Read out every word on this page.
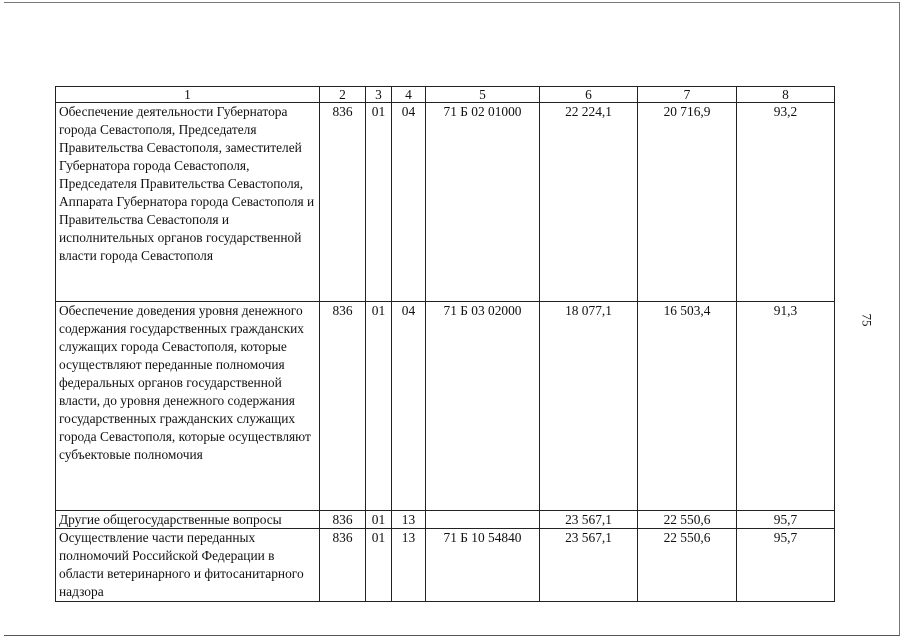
75
1	2	3	4	5	6	7	8
Обеспечение деятельности Губернатора города Севастополя, Председателя Правительства Севастополя, заместителей Губернатора города Севастополя, Председателя Правительства Севастополя, Аппарата Губернатора города Севастополя и Правительства Севастополя и исполнительных органов государственной власти города Севастополя	836	01	04	71 Б 02 01000	22 224,1	20 716,9	93,2
Обеспечение доведения уровня денежного содержания государственных гражданских служащих города Севастополя, которые осуществляют переданные полномочия федеральных органов государственной власти, до уровня денежного содержания государственных гражданских служащих города Севастополя, которые осуществляют субъектовые полномочия	836	01	04	71 Б 03 02000	18 077,1	16 503,4	91,3
Другие общегосударственные вопросы	836	01	13		23 567,1	22 550,6	95,7
Осуществление части переданных полномочий Российской Федерации в области ветеринарного и фитосанитарного надзора	836	01	13	71 Б 10 54840	23 567,1	22 550,6	95,7
